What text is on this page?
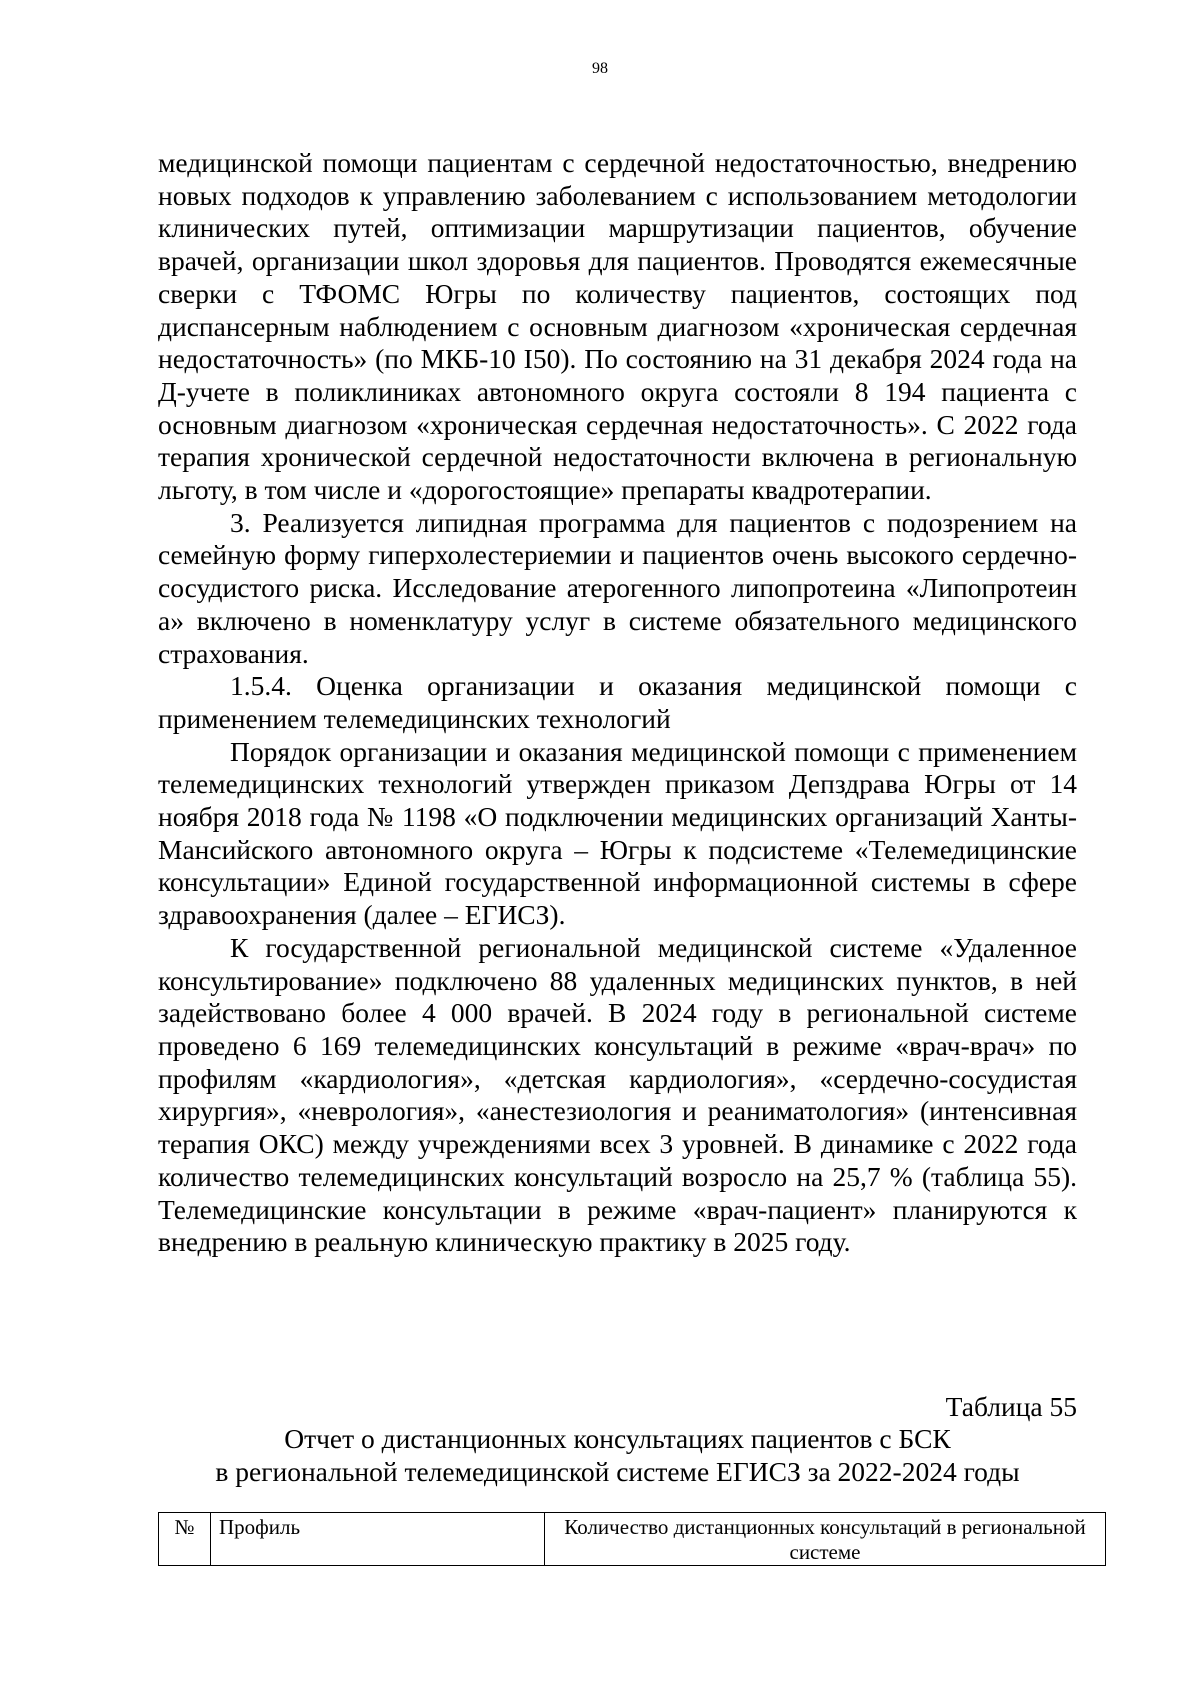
98

медицинской помощи пациентам с сердечной недостаточностью, внедрению новых подходов к управлению заболеванием с использованием методологии клинических путей, оптимизации маршрутизации пациентов, обучение врачей, организации школ здоровья для пациентов. Проводятся ежемесячные сверки с ТФОМС Югры по количеству пациентов, состоящих под диспансерным наблюдением с основным диагнозом «хроническая сердечная недостаточность» (по МКБ-10 I50). По состоянию на 31 декабря 2024 года на Д-учете в поликлиниках автономного округа состояли 8 194 пациента с основным диагнозом «хроническая сердечная недостаточность». С 2022 года терапия хронической сердечной недостаточности включена в региональную льготу, в том числе и «дорогостоящие» препараты квадротерапии.

3. Реализуется липидная программа для пациентов с подозрением на семейную форму гиперхолестериемии и пациентов очень высокого сердечно-сосудистого риска. Исследование атерогенного липопротеина «Липопротеин а» включено в номенклатуру услуг в системе обязательного медицинского страхования.

1.5.4. Оценка организации и оказания медицинской помощи с применением телемедицинских технологий

Порядок организации и оказания медицинской помощи с применением телемедицинских технологий утвержден приказом Депздрава Югры от 14 ноября 2018 года № 1198 «О подключении медицинских организаций Ханты-Мансийского автономного округа – Югры к подсистеме «Телемедицинские консультации» Единой государственной информационной системы в сфере здравоохранения (далее – ЕГИСЗ).

К государственной региональной медицинской системе «Удаленное консультирование» подключено 88 удаленных медицинских пунктов, в ней задействовано более 4 000 врачей. В 2024 году в региональной системе проведено 6 169 телемедицинских консультаций в режиме «врач-врач» по профилям «кардиология», «детская кардиология», «сердечно-сосудистая хирургия», «неврология», «анестезиология и реаниматология» (интенсивная терапия ОКС) между учреждениями всех 3 уровней. В динамике с 2022 года количество телемедицинских консультаций возросло на 25,7 % (таблица 55). Телемедицинские консультации в режиме «врач-пациент» планируются к внедрению в реальную клиническую практику в 2025 году.

Таблица 55
Отчет о дистанционных консультациях пациентов с БСК
в региональной телемедицинской системе ЕГИСЗ за 2022-2024 годы
№	Профиль	Количество дистанционных консультаций в региональной системе
